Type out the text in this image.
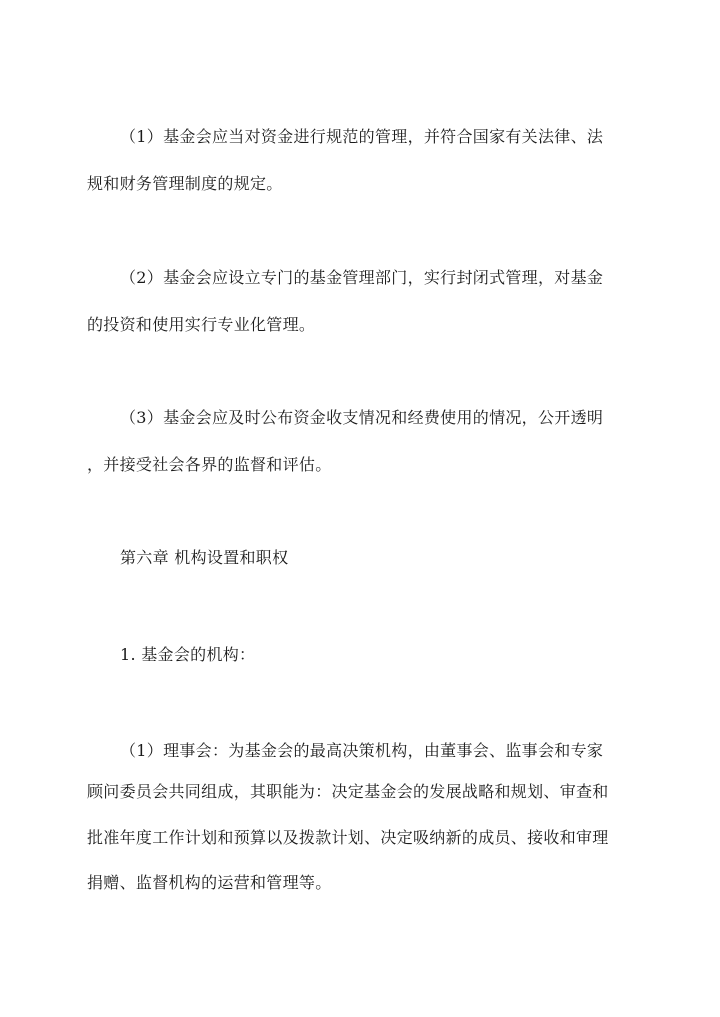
（1）基金会应当对资金进行规范的管理，并符合国家有关法律、法
规和财务管理制度的规定。
（2）基金会应设立专门的基金管理部门，实行封闭式管理，对基金
的投资和使用实行专业化管理。
（3）基金会应及时公布资金收支情况和经费使用的情况，公开透明
，并接受社会各界的监督和评估。
第六章 机构设置和职权
1. 基金会的机构：
（1）理事会：为基金会的最高决策机构，由董事会、监事会和专家
顾问委员会共同组成，其职能为：决定基金会的发展战略和规划、审查和
批准年度工作计划和预算以及拨款计划、决定吸纳新的成员、接收和审理
捐赠、监督机构的运营和管理等。
